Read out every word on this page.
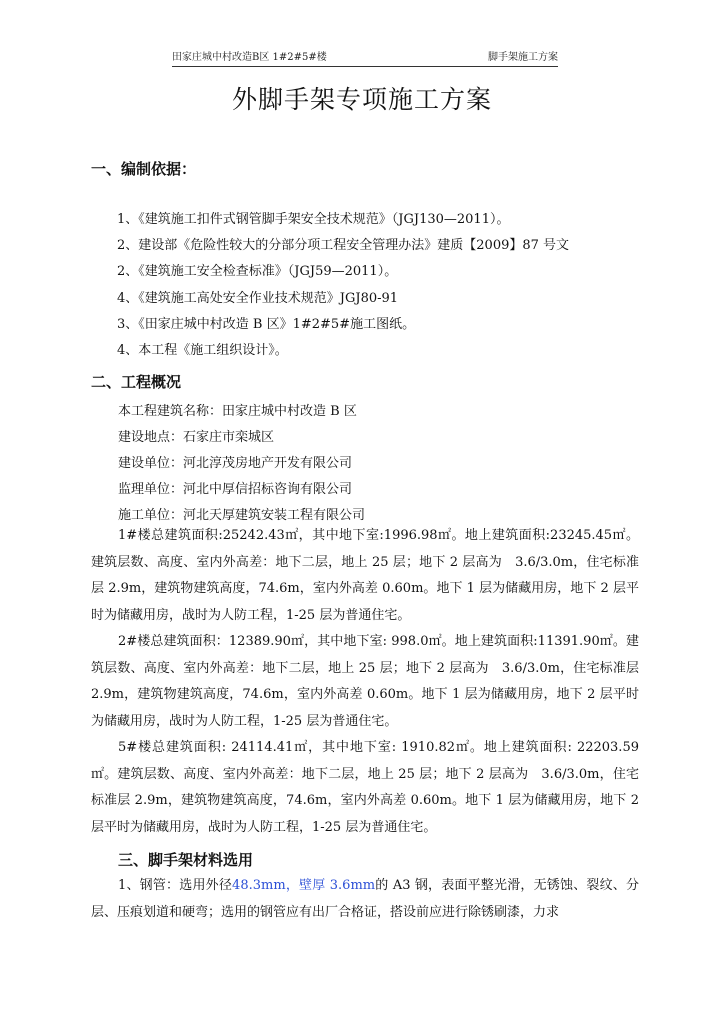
田家庄城中村改造B区 1#2#5#楼	脚手架施工方案
外脚手架专项施工方案
一、编制依据：
1、《建筑施工扣件式钢管脚手架安全技术规范》（JGJ130—2011）。
2、建设部《危险性较大的分部分项工程安全管理办法》建质【2009】87 号文
2、《建筑施工安全检查标准》（JGJ59—2011）。
4、《建筑施工高处安全作业技术规范》JGJ80-91
3、《田家庄城中村改造 B 区》1#2#5#施工图纸。
4、本工程《施工组织设计》。
二、工程概况
本工程建筑名称：田家庄城中村改造 B 区
建设地点：石家庄市栾城区
建设单位：河北淳茂房地产开发有限公司
监理单位：河北中厚信招标咨询有限公司
施工单位：河北天厚建筑安装工程有限公司

1#楼总建筑面积:25242.43㎡，其中地下室:1996.98㎡。地上建筑面积:23245.45㎡。建筑层数、高度、室内外高差：地下二层，地上 25 层；地下 2 层高为　3.6/3.0m，住宅标准层 2.9m，建筑物建筑高度，74.6m，室内外高差 0.60m。地下 1 层为储藏用房，地下 2 层平时为储藏用房，战时为人防工程，1-25 层为普通住宅。

2#楼总建筑面积：12389.90㎡，其中地下室: 998.0㎡。地上建筑面积:11391.90㎡。建筑层数、高度、室内外高差：地下二层，地上 25 层；地下 2 层高为　3.6/3.0m，住宅标准层 2.9m，建筑物建筑高度，74.6m，室内外高差 0.60m。地下 1 层为储藏用房，地下 2 层平时为储藏用房，战时为人防工程，1-25 层为普通住宅。

5#楼总建筑面积: 24114.41㎡，其中地下室: 1910.82㎡。地上建筑面积: 22203.59㎡。建筑层数、高度、室内外高差：地下二层，地上 25 层；地下 2 层高为　3.6/3.0m，住宅标准层 2.9m，建筑物建筑高度，74.6m，室内外高差 0.60m。地下 1 层为储藏用房，地下 2 层平时为储藏用房，战时为人防工程，1-25 层为普通住宅。

三、脚手架材料选用

1、钢管：选用外径48.3mm，壁厚 3.6mm的 A3 钢，表面平整光滑，无锈蚀、裂纹、分层、压痕划道和硬弯；选用的钢管应有出厂合格证，搭设前应进行除锈刷漆，力求
